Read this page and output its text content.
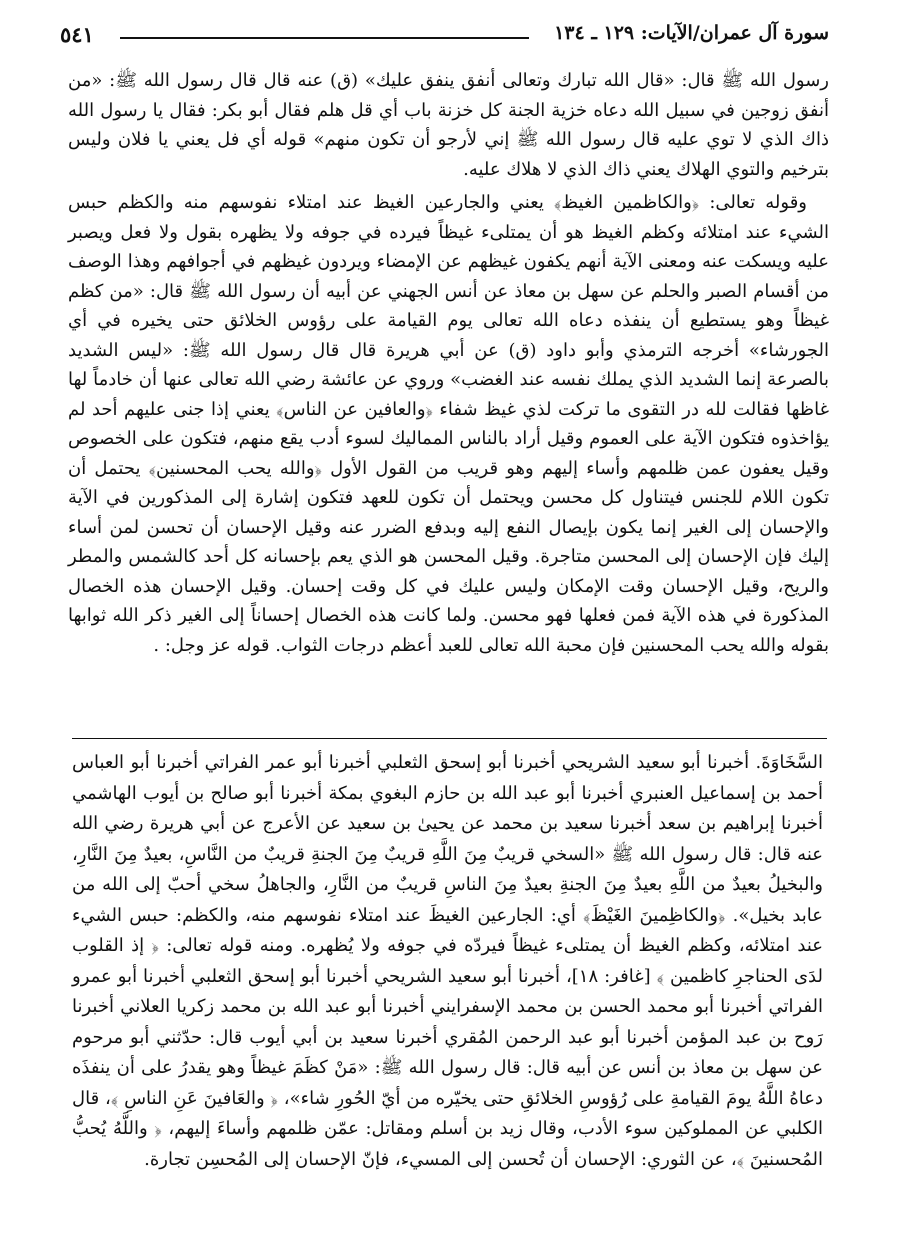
سورة آل عمران/الآيات: ١٢٩ ـ ١٣٤
٥٤١

رسول الله ﷺ قال: «قال الله تبارك وتعالى أنفق ينفق عليك» (ق) عنه قال قال رسول الله ﷺ: «من أنفق زوجين في سبيل الله دعاه خزية الجنة كل خزنة باب أي قل هلم فقال أبو بكر: فقال يا رسول الله ذاك الذي لا توي عليه قال رسول الله ﷺ إني لأرجو أن تكون منهم» قوله أي فل يعني يا فلان وليس بترخيم والتوي الهلاك يعني ذاك الذي لا هلاك عليه.

وقوله تعالى: ﴿والكاظمين الغيظ﴾ يعني والجارعين الغيظ عند امتلاء نفوسهم منه والكظم حبس الشيء عند امتلائه وكظم الغيظ هو أن يمتلىء غيظاً فيرده في جوفه ولا يظهره بقول ولا فعل ويصبر عليه ويسكت عنه ومعنى الآية أنهم يكفون غيظهم عن الإمضاء ويردون غيظهم في أجوافهم وهذا الوصف من أقسام الصبر والحلم عن سهل بن معاذ عن أنس الجهني عن أبيه أن رسول الله ﷺ قال: «من كظم غيظاً وهو يستطيع أن ينفذه دعاه الله تعالى يوم القيامة على رؤوس الخلائق حتى يخيره في أي الجورشاء» أخرجه الترمذي وأبو داود (ق) عن أبي هريرة قال قال رسول الله ﷺ: «ليس الشديد بالصرعة إنما الشديد الذي يملك نفسه عند الغضب» وروي عن عائشة رضي الله تعالى عنها أن خادماً لها غاظها فقالت لله در التقوى ما تركت لذي غيظ شفاء ﴿والعافين عن الناس﴾ يعني إذا جنى عليهم أحد لم يؤاخذوه فتكون الآية على العموم وقيل أراد بالناس المماليك لسوء أدب يقع منهم، فتكون على الخصوص وقيل يعفون عمن ظلمهم وأساء إليهم وهو قريب من القول الأول ﴿والله يحب المحسنين﴾ يحتمل أن تكون اللام للجنس فيتناول كل محسن ويحتمل أن تكون للعهد فتكون إشارة إلى المذكورين في الآية والإحسان إلى الغير إنما يكون بإيصال النفع إليه وبدفع الضرر عنه وقيل الإحسان أن تحسن لمن أساء إليك فإن الإحسان إلى المحسن متاجرة. وقيل المحسن هو الذي يعم بإحسانه كل أحد كالشمس والمطر والريح، وقيل الإحسان وقت الإمكان وليس عليك في كل وقت إحسان. وقيل الإحسان هذه الخصال المذكورة في هذه الآية فمن فعلها فهو محسن. ولما كانت هذه الخصال إحساناً إلى الغير ذكر الله ثوابها بقوله والله يحب المحسنين فإن محبة الله تعالى للعبد أعظم درجات الثواب. قوله عز وجل: .

السَّخَاوَةَ. أخبرنا أبو سعيد الشريحي أخبرنا أبو إسحق الثعلبي أخبرنا أبو عمر الفراتي أخبرنا أبو العباس أحمد بن إسماعيل العنبري أخبرنا أبو عبد الله بن حازم البغوي بمكة أخبرنا أبو صالح بن أيوب الهاشمي أخبرنا إبراهيم بن سعد أخبرنا سعيد بن محمد عن يحيىٰ بن سعيد عن الأعرج عن أبي هريرة رضي الله عنه قال: قال رسول الله ﷺ «السخي قريبٌ مِنَ اللَّهِ قريبٌ مِنَ الجنةِ قريبٌ من النَّاسِ، بعيدٌ مِنَ النَّارِ، والبخيلُ بعيدٌ من اللَّهِ بعيدٌ مِنَ الجنةِ بعيدٌ مِنَ الناسِ قريبٌ من النَّارِ، والجاهلُ سخي أحبّ إلى الله من عابد بخيل». ﴿والكاظِمينَ الغَيْظَ﴾ أي: الجارعين الغيظَ عند امتلاء نفوسهم منه، والكظم: حبس الشيء عند امتلائه، وكظم الغيظ أن يمتلىء غيظاً فيردّه في جوفه ولا يُظهره. ومنه قوله تعالى: ﴿ إذ القلوب لدَى الحناجرِ كاظمين ﴾ [غافر: ١٨]، أخبرنا أبو سعيد الشريحي أخبرنا أبو إسحق الثعلبي أخبرنا أبو عمرو الفراتي أخبرنا أبو محمد الحسن بن محمد الإسفرايني أخبرنا أبو عبد الله بن محمد زكريا العلاني أخبرنا رَوح بن عبد المؤمن أخبرنا أبو عبد الرحمن المُقري أخبرنا سعيد بن أبي أيوب قال: حدّثني أبو مرحوم عن سهل بن معاذ بن أنس عن أبيه قال: قال رسول الله ﷺ: «مَنْ كظَمَ غيظاً وهو يقدرُ على أن ينفذَه دعاهُ اللَّهُ يومَ القيامةِ على رُؤوسِ الخلائقِ حتى يخيّره من أيّ الحُورِ شاء»، ﴿ والعَافينَ عَنِ الناسِ ﴾، قال الكلبي عن المملوكين سوء الأدب، وقال زيد بن أسلم ومقاتل: عمّن ظلمهم وأساءَ إليهم، ﴿ واللَّهُ يُحبُّ المُحسنينَ ﴾، عن الثوري: الإحسان أن تُحسن إلى المسيء، فإنّ الإحسان إلى المُحسِن تجارة.
